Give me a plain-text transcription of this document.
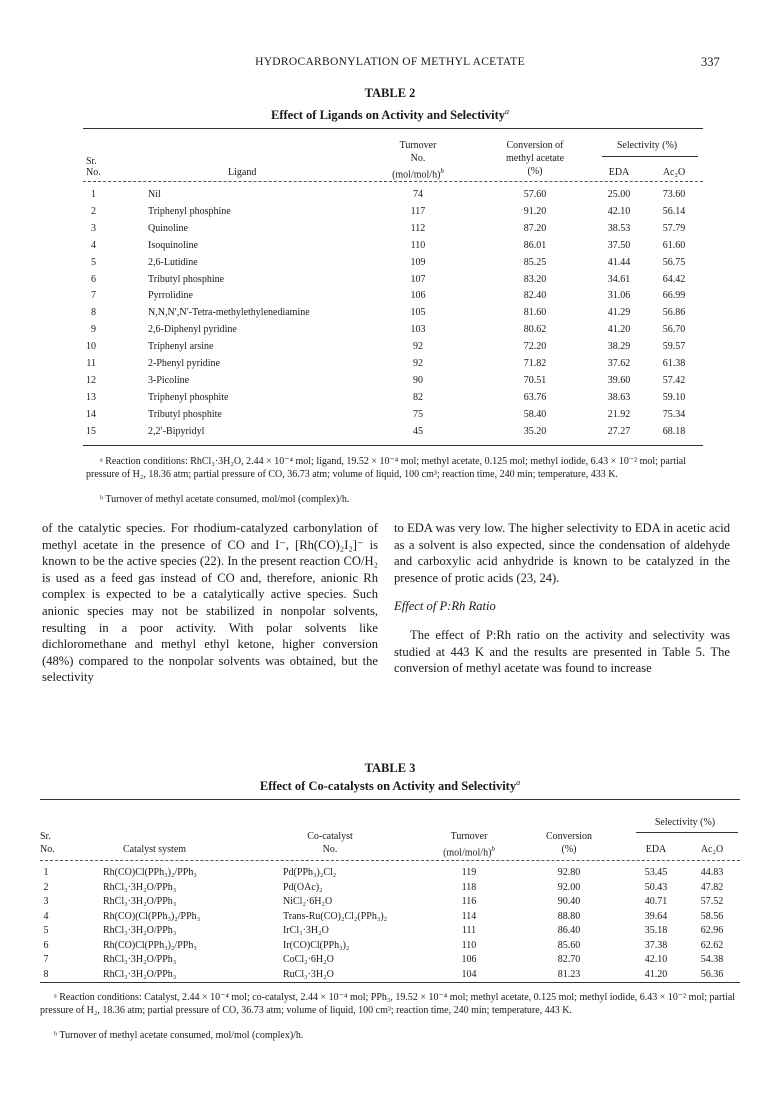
HYDROCARBONYLATION OF METHYL ACETATE	337
TABLE 2
Effect of Ligands on Activity and Selectivity$^a$
Sr.
No.	Ligand
Turnover
No.
$(mol/mol/h)^b$
Conversion of
methyl acetate
(%)
Selectivity (%)
EDA	Ac₂O
1	Nil	74	57.60	25.00	73.60
2	Triphenyl phosphine	117	91.20	42.10	56.14
3	Quinoline	112	87.20	38.53	57.79
4	Isoquinoline	110	86.01	37.50	61.60
5	2,6-Lutidine	109	85.25	41.44	56.75
6	Tributyl phosphine	107	83.20	34.61	64.42
7	Pyrrolidine	106	82.40	31.06	66.99
8	N,N,N′,N′-Tetra-methylethylenediamine	105	81.60	41.29	56.86
9	2,6-Diphenyl pyridine	103	80.62	41.20	56.70
10	Triphenyl arsine	92	72.20	38.29	59.57
11	2-Phenyl pyridine	92	71.82	37.62	61.38
12	3-Picoline	90	70.51	39.60	57.42
13	Triphenyl phosphite	82	63.76	38.63	59.10
14	Tributyl phosphite	75	58.40	21.92	75.34
15	2,2′-Bipyridyl	45	35.20	27.27	68.18
ᵃ Reaction conditions: RhCl₃·3H₂O, 2.44 × 10⁻⁴ mol; ligand, 19.52 × 10⁻⁴ mol; methyl acetate, 0.125 mol; methyl iodide, 6.43 × 10⁻² mol; partial pressure of H₂, 18.36 atm; partial pressure of CO, 36.73 atm; volume of liquid, 100 cm³; reaction time, 240 min; temperature, 433 K.
ᵇ Turnover of methyl acetate consumed, mol/mol (complex)/h.

of the catalytic species. For rhodium-catalyzed carbonylation of methyl acetate in the presence of CO and I⁻, [Rh(CO)₂I₂]⁻ is known to be the active species (22). In the present reaction CO/H₂ is used as a feed gas instead of CO and, therefore, anionic Rh complex is expected to be a catalytically active species. Such anionic species may not be stabilized in nonpolar solvents, resulting in a poor activity. With polar solvents like dichloromethane and methyl ethyl ketone, higher conversion (48%) compared to the nonpolar solvents was obtained, but the selectivity

to EDA was very low. The higher selectivity to EDA in acetic acid as a solvent is also expected, since the condensation of aldehyde and carboxylic acid anhydride is known to be catalyzed in the presence of protic acids (23, 24).

Effect of P:Rh Ratio

The effect of P:Rh ratio on the activity and selectivity was studied at 443 K and the results are presented in Table 5. The conversion of methyl acetate was found to increase

TABLE 3
Effect of Co-catalysts on Activity and Selectivity$^a$
Sr.
No.	Catalyst system
Co-catalyst
No.
Turnover
$(mol/mol/h)^b$
Conversion
(%)
Selectivity (%)
EDA	Ac₂O
1	Rh(CO)Cl(PPh₃)₂/PPh₃	Pd(PPh₃)₂Cl₂	119	92.80	53.45	44.83
2	RhCl₃·3H₂O/PPh₃	Pd(OAc)₂	118	92.00	50.43	47.82
3	RhCl₃·3H₂O/PPh₃	NiCl₂·6H₂O	116	90.40	40.71	57.52
4	Rh(CO)(Cl(PPh₃)₂/PPh₃	Trans-Ru(CO)₂Cl₂(PPh₃)₂	114	88.80	39.64	58.56
5	RhCl₃·3H₂O/PPh₃	IrCl₃·3H₂O	111	86.40	35.18	62.96
6	Rh(CO)Cl(PPh₃)₂/PPh₃	Ir(CO)Cl(PPh₃)₂	110	85.60	37.38	62.62
7	RhCl₃·3H₂O/PPh₃	CoCl₂·6H₂O	106	82.70	42.10	54.38
8	RhCl₃·3H₂O/PPh₃	RuCl₃·3H₂O	104	81.23	41.20	56.36
ᵃ Reaction conditions: Catalyst, 2.44 × 10⁻⁴ mol; co-catalyst, 2.44 × 10⁻⁴ mol; PPh₃, 19.52 × 10⁻⁴ mol; methyl acetate, 0.125 mol; methyl iodide, 6.43 × 10⁻² mol; partial pressure of H₂, 18.36 atm; partial pressure of CO, 36.73 atm; volume of liquid, 100 cm³; reaction time, 240 min; temperature, 443 K.
ᵇ Turnover of methyl acetate consumed, mol/mol (complex)/h.
